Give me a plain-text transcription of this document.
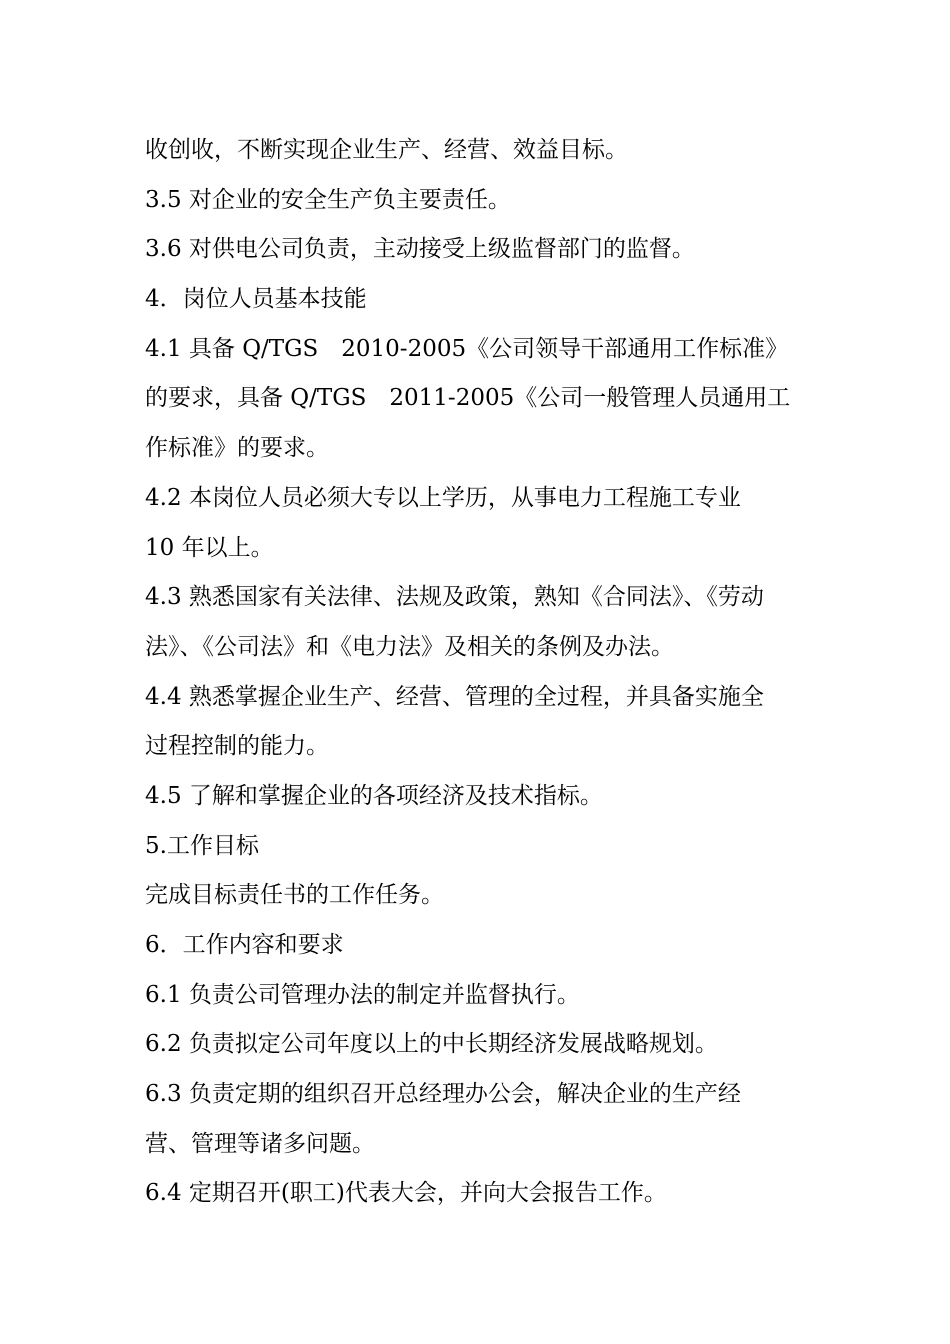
收创收，不断实现企业生产、经营、效益目标。
3.5 对企业的安全生产负主要责任。
3.6 对供电公司负责，主动接受上级监督部门的监督。
4．岗位人员基本技能
4.1 具备 Q/TGS　2010-2005《公司领导干部通用工作标准》
的要求，具备 Q/TGS　2011-2005《公司一般管理人员通用工
作标准》的要求。
4.2 本岗位人员必须大专以上学历，从事电力工程施工专业
10 年以上。
4.3 熟悉国家有关法律、法规及政策，熟知《合同法》、《劳动
法》、《公司法》和《电力法》及相关的条例及办法。
4.4 熟悉掌握企业生产、经营、管理的全过程，并具备实施全
过程控制的能力。
4.5 了解和掌握企业的各项经济及技术指标。
5.工作目标
完成目标责任书的工作任务。
6．工作内容和要求
6.1 负责公司管理办法的制定并监督执行。
6.2 负责拟定公司年度以上的中长期经济发展战略规划。
6.3 负责定期的组织召开总经理办公会，解决企业的生产经
营、管理等诸多问题。
6.4 定期召开(职工)代表大会，并向大会报告工作。
